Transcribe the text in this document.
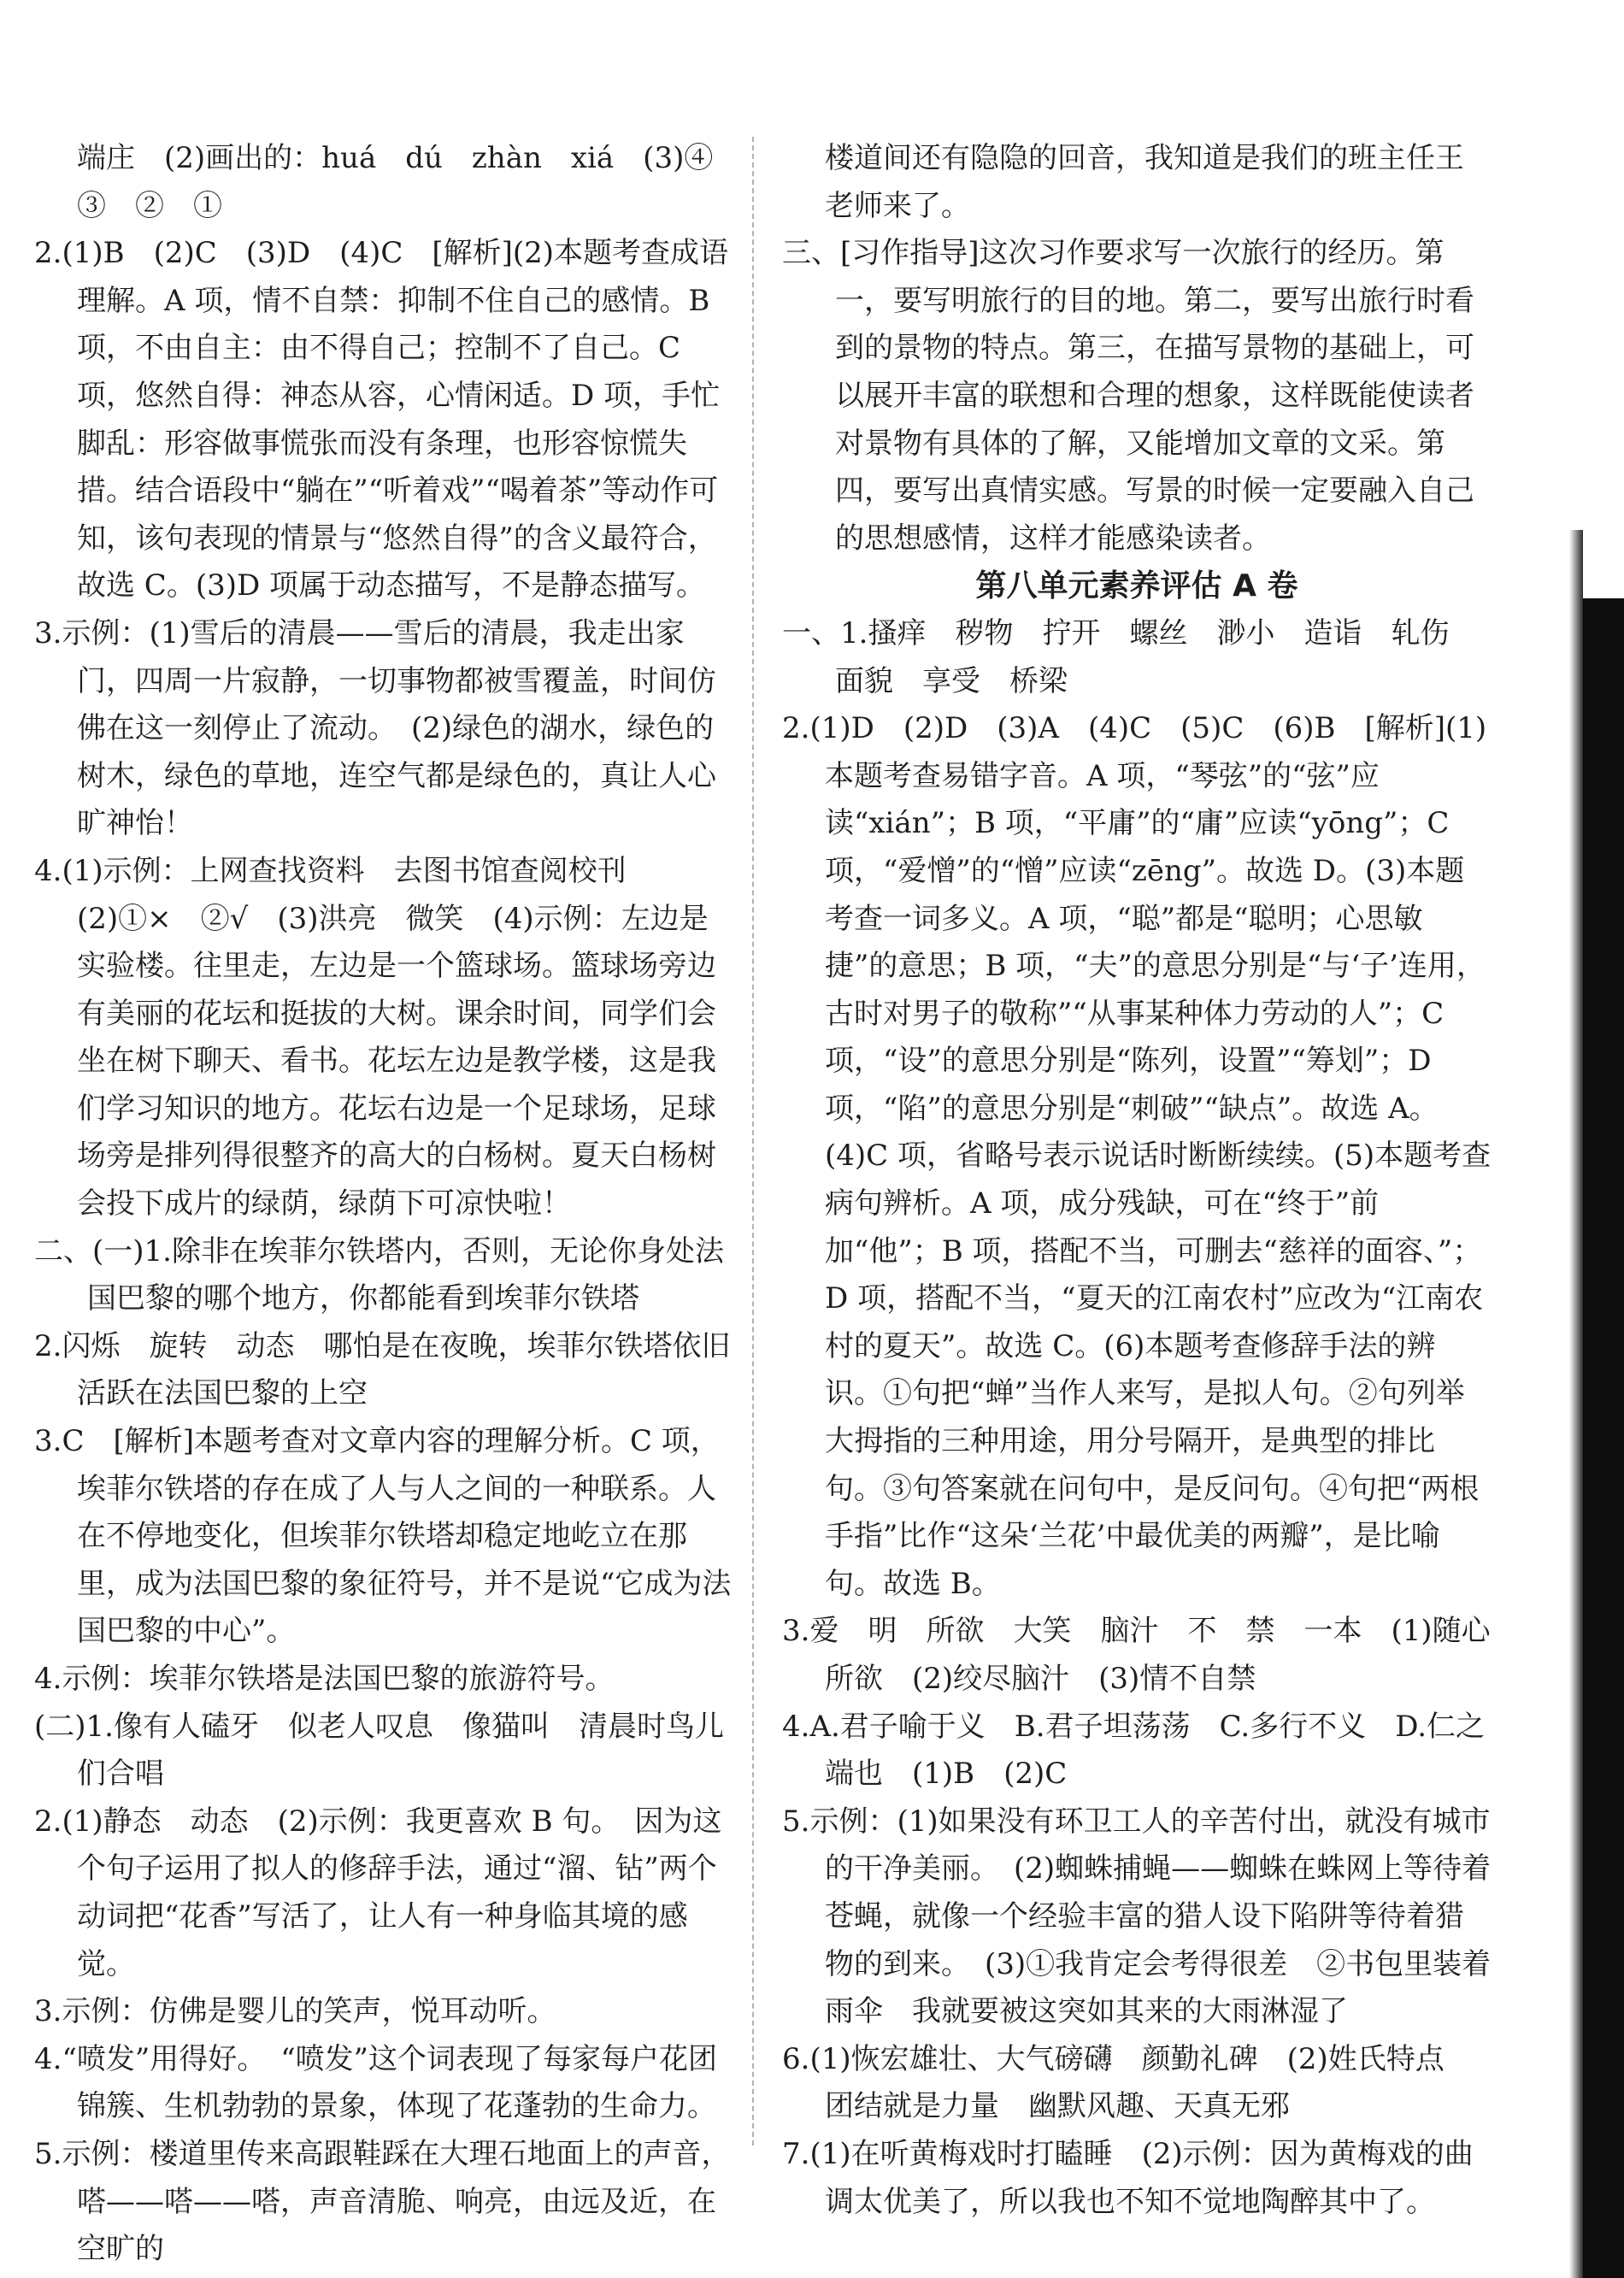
端庄　(2)画出的：huá　dú　zhàn　xiá　(3)④　③　②　①

2.(1)B　(2)C　(3)D　(4)C　[解析](2)本题考查成语理解。A 项，情不自禁：抑制不住自己的感情。B 项，不由自主：由不得自己；控制不了自己。C 项，悠然自得：神态从容，心情闲适。D 项，手忙脚乱：形容做事慌张而没有条理，也形容惊慌失措。结合语段中“躺在”“听着戏”“喝着茶”等动作可知，该句表现的情景与“悠然自得”的含义最符合，故选 C。(3)D 项属于动态描写，不是静态描写。

3.示例：(1)雪后的清晨——雪后的清晨，我走出家门，四周一片寂静，一切事物都被雪覆盖，时间仿佛在这一刻停止了流动。　(2)绿色的湖水，绿色的树木，绿色的草地，连空气都是绿色的，真让人心旷神怡！

4.(1)示例：上网查找资料　去图书馆查阅校刊　(2)①×　②√　(3)洪亮　微笑　(4)示例：左边是实验楼。往里走，左边是一个篮球场。篮球场旁边有美丽的花坛和挺拔的大树。课余时间，同学们会坐在树下聊天、看书。花坛左边是教学楼，这是我们学习知识的地方。花坛右边是一个足球场，足球场旁是排列得很整齐的高大的白杨树。夏天白杨树会投下成片的绿荫，绿荫下可凉快啦！

二、(一)1.除非在埃菲尔铁塔内，否则，无论你身处法国巴黎的哪个地方，你都能看到埃菲尔铁塔

2.闪烁　旋转　动态　哪怕是在夜晚，埃菲尔铁塔依旧活跃在法国巴黎的上空

3.C　[解析]本题考查对文章内容的理解分析。C 项，埃菲尔铁塔的存在成了人与人之间的一种联系。人在不停地变化，但埃菲尔铁塔却稳定地屹立在那里，成为法国巴黎的象征符号，并不是说“它成为法国巴黎的中心”。

4.示例：埃菲尔铁塔是法国巴黎的旅游符号。

(二)1.像有人磕牙　似老人叹息　像猫叫　清晨时鸟儿们合唱

2.(1)静态　动态　(2)示例：我更喜欢 B 句。　因为这个句子运用了拟人的修辞手法，通过“溜、钻”两个动词把“花香”写活了，让人有一种身临其境的感觉。

3.示例：仿佛是婴儿的笑声，悦耳动听。

4.“喷发”用得好。　“喷发”这个词表现了每家每户花团锦簇、生机勃勃的景象，体现了花蓬勃的生命力。

5.示例：楼道里传来高跟鞋踩在大理石地面上的声音，嗒——嗒——嗒，声音清脆、响亮，由远及近，在空旷的

楼道间还有隐隐的回音，我知道是我们的班主任王老师来了。

三、[习作指导]这次习作要求写一次旅行的经历。第一，要写明旅行的目的地。第二，要写出旅行时看到的景物的特点。第三，在描写景物的基础上，可以展开丰富的联想和合理的想象，这样既能使读者对景物有具体的了解，又能增加文章的文采。第四，要写出真情实感。写景的时候一定要融入自己的思想感情，这样才能感染读者。

第八单元素养评估 A 卷

一、1.搔痒　秽物　拧开　螺丝　渺小　造诣　轧伤　面貌　享受　桥梁

2.(1)D　(2)D　(3)A　(4)C　(5)C　(6)B　[解析](1)本题考查易错字音。A 项，“琴弦”的“弦”应读“xián”；B 项，“平庸”的“庸”应读“yōng”；C 项，“爱憎”的“憎”应读“zēng”。故选 D。(3)本题考查一词多义。A 项，“聪”都是“聪明；心思敏捷”的意思；B 项，“夫”的意思分别是“与‘子’连用，古时对男子的敬称”“从事某种体力劳动的人”；C 项，“设”的意思分别是“陈列，设置”“筹划”；D 项，“陷”的意思分别是“刺破”“缺点”。故选 A。(4)C 项，省略号表示说话时断断续续。(5)本题考查病句辨析。A 项，成分残缺，可在“终于”前加“他”；B 项，搭配不当，可删去“慈祥的面容、”；D 项，搭配不当，“夏天的江南农村”应改为“江南农村的夏天”。故选 C。(6)本题考查修辞手法的辨识。①句把“蝉”当作人来写，是拟人句。②句列举大拇指的三种用途，用分号隔开，是典型的排比句。③句答案就在问句中，是反问句。④句把“两根手指”比作“这朵‘兰花’中最优美的两瓣”，是比喻句。故选 B。

3.爱　明　所欲　大笑　脑汁　不　禁　一本　(1)随心所欲　(2)绞尽脑汁　(3)情不自禁

4.A.君子喻于义　B.君子坦荡荡　C.多行不义　D.仁之端也　(1)B　(2)C

5.示例：(1)如果没有环卫工人的辛苦付出，就没有城市的干净美丽。　(2)蜘蛛捕蝇——蜘蛛在蛛网上等待着苍蝇，就像一个经验丰富的猎人设下陷阱等待着猎物的到来。　(3)①我肯定会考得很差　②书包里装着雨伞　我就要被这突如其来的大雨淋湿了

6.(1)恢宏雄壮、大气磅礴　颜勤礼碑　(2)姓氏特点　团结就是力量　幽默风趣、天真无邪

7.(1)在听黄梅戏时打瞌睡　(2)示例：因为黄梅戏的曲调太优美了，所以我也不知不觉地陶醉其中了。
